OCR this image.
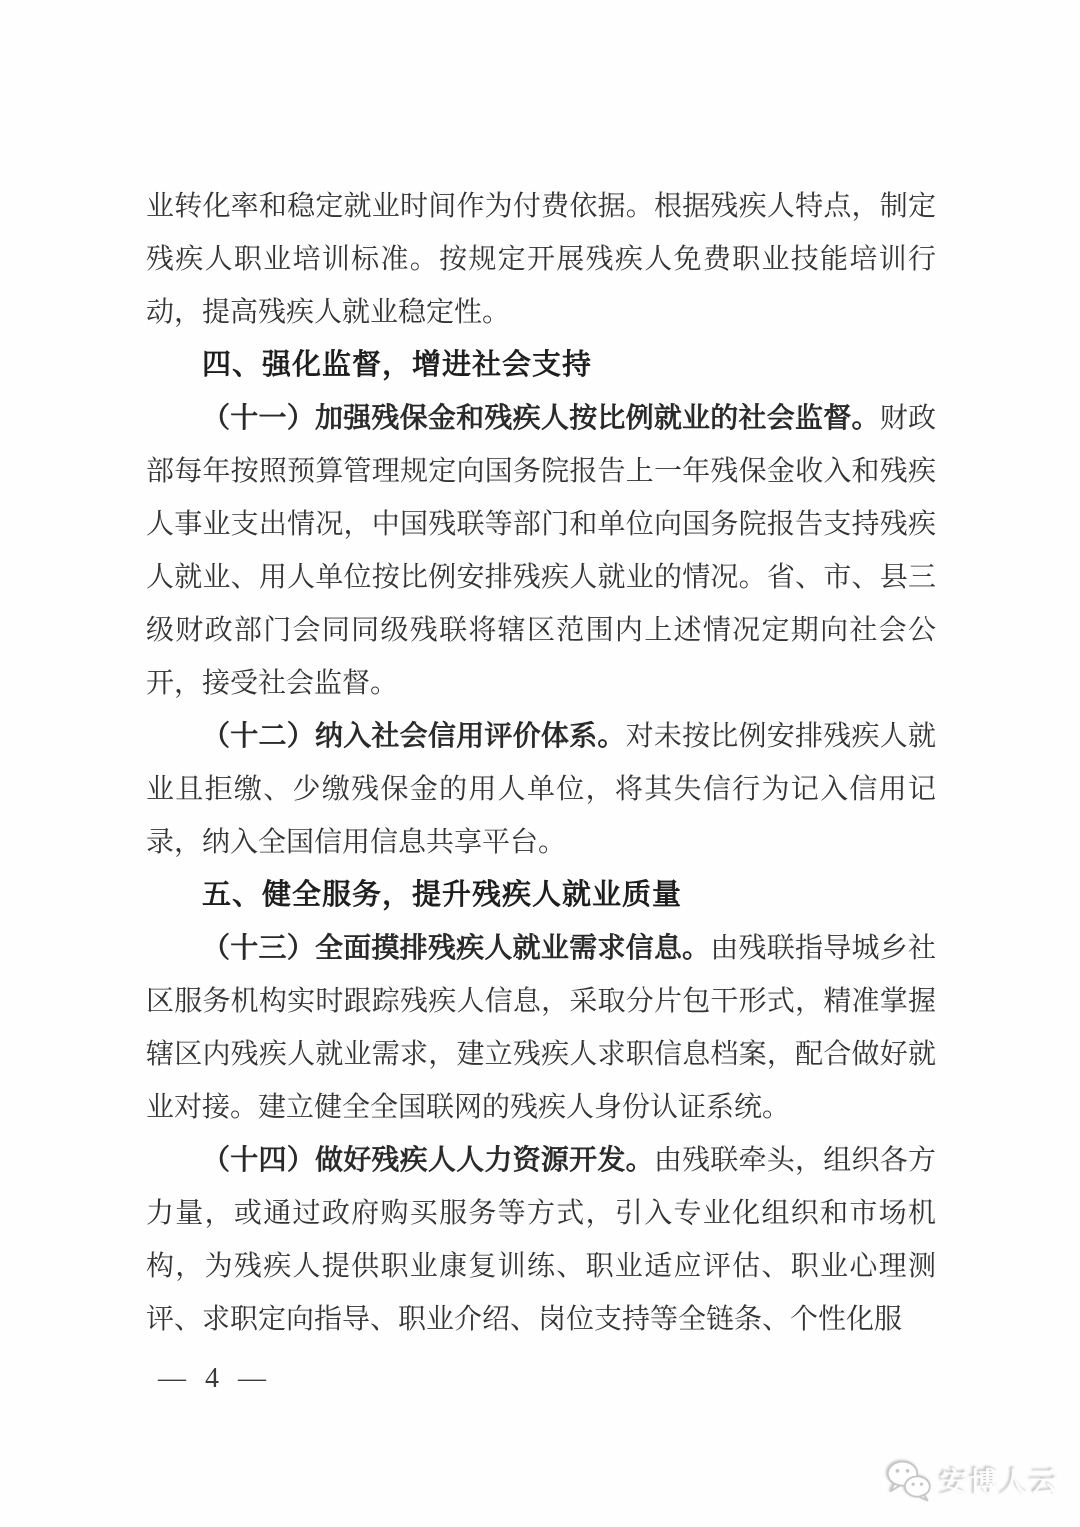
业转化率和稳定就业时间作为付费依据。根据残疾人特点，制定残疾人职业培训标准。按规定开展残疾人免费职业技能培训行动，提高残疾人就业稳定性。

四、强化监督，增进社会支持

（十一）加强残保金和残疾人按比例就业的社会监督。财政部每年按照预算管理规定向国务院报告上一年残保金收入和残疾人事业支出情况，中国残联等部门和单位向国务院报告支持残疾人就业、用人单位按比例安排残疾人就业的情况。省、市、县三级财政部门会同同级残联将辖区范围内上述情况定期向社会公开，接受社会监督。

（十二）纳入社会信用评价体系。对未按比例安排残疾人就业且拒缴、少缴残保金的用人单位，将其失信行为记入信用记录，纳入全国信用信息共享平台。

五、健全服务，提升残疾人就业质量

（十三）全面摸排残疾人就业需求信息。由残联指导城乡社区服务机构实时跟踪残疾人信息，采取分片包干形式，精准掌握辖区内残疾人就业需求，建立残疾人求职信息档案，配合做好就业对接。建立健全全国联网的残疾人身份认证系统。

（十四）做好残疾人人力资源开发。由残联牵头，组织各方力量，或通过政府购买服务等方式，引入专业化组织和市场机构，为残疾人提供职业康复训练、职业适应评估、职业心理测评、求职定向指导、职业介绍、岗位支持等全链条、个性化服

— 4 —
安博人云
